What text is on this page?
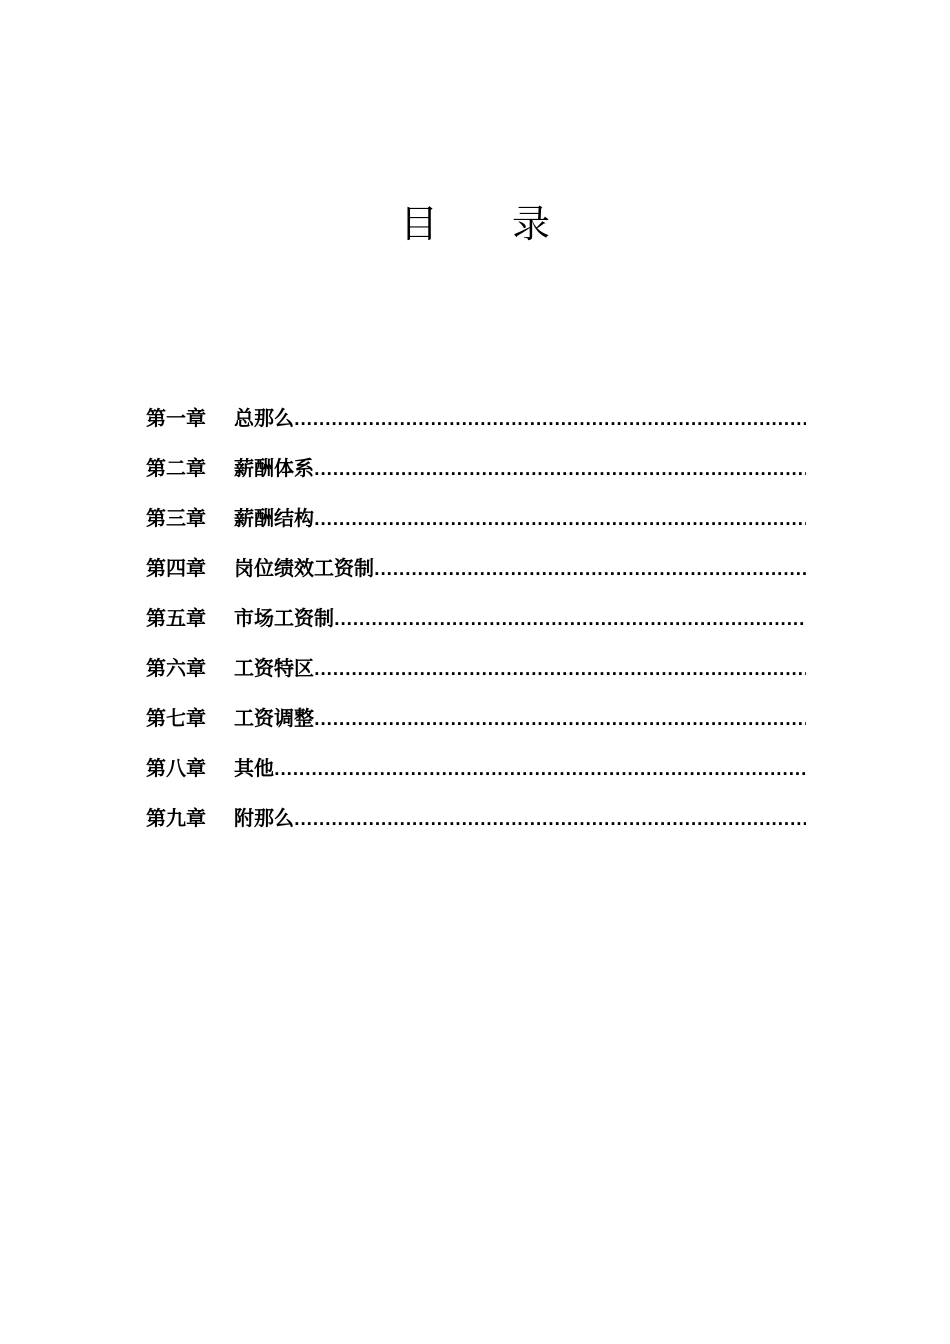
目录
第一章	总那么
.....
第二章	薪酬体系
.....
第三章	薪酬结构
.....
第四章	岗位绩效工资制
.....
第五章	市场工资制
.....
第六章	工资特区
.....
第七章	工资调整
.....
第八章	其他
.....
第九章	附那么
.....
